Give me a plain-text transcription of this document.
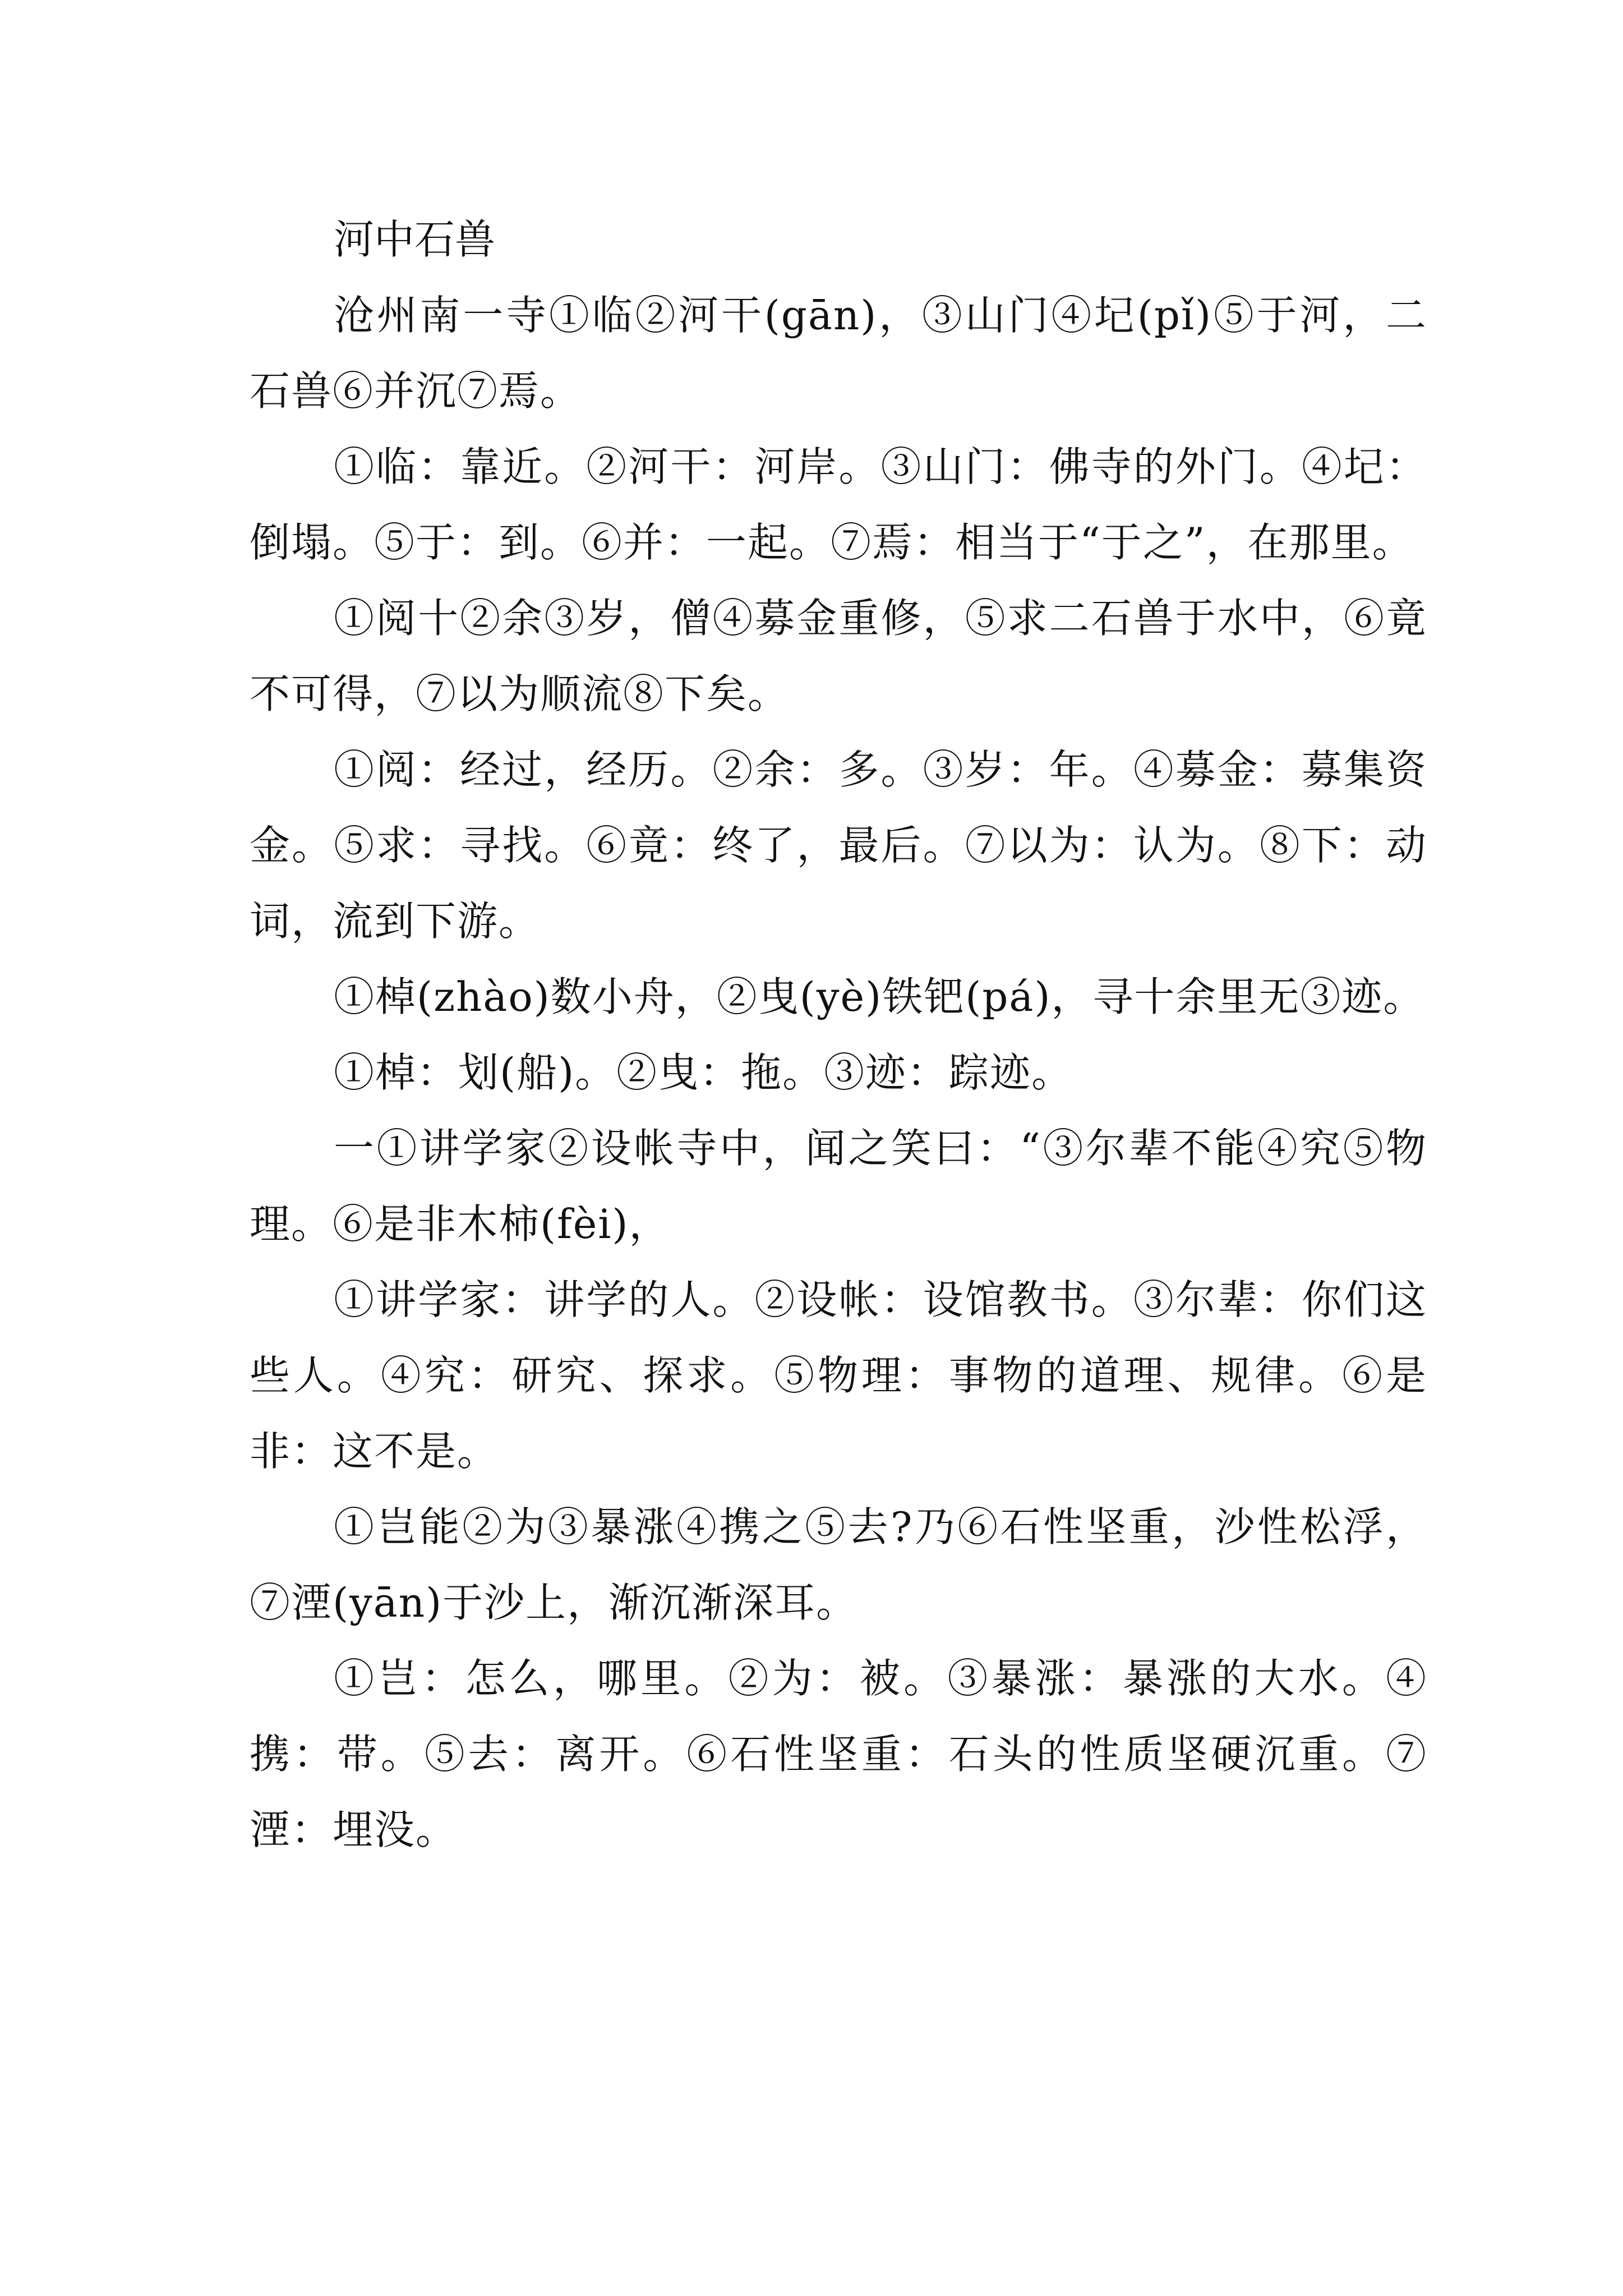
河中石兽

沧州南一寺①临②河干(gān)，③山门④圮(pǐ)⑤于河，二石兽⑥并沉⑦焉。

①临：靠近。②河干：河岸。③山门：佛寺的外门。④圮：倒塌。⑤于：到。⑥并：一起。⑦焉：相当于“于之”，在那里。

①阅十②余③岁，僧④募金重修，⑤求二石兽于水中，⑥竟不可得，⑦以为顺流⑧下矣。

①阅：经过，经历。②余：多。③岁：年。④募金：募集资金。⑤求：寻找。⑥竟：终了，最后。⑦以为：认为。⑧下：动词，流到下游。

①棹(zhào)数小舟，②曳(yè)铁钯(pá)，寻十余里无③迹。

①棹：划(船)。②曳：拖。③迹：踪迹。

一①讲学家②设帐寺中，闻之笑曰：“③尔辈不能④究⑤物理。⑥是非木柿(fèi)，

①讲学家：讲学的人。②设帐：设馆教书。③尔辈：你们这些人。④究：研究、探求。⑤物理：事物的道理、规律。⑥是非：这不是。

①岂能②为③暴涨④携之⑤去?乃⑥石性坚重，沙性松浮，⑦湮(yān)于沙上，渐沉渐深耳。

①岂：怎么，哪里。②为：被。③暴涨：暴涨的大水。④携：带。⑤去：离开。⑥石性坚重：石头的性质坚硬沉重。⑦湮：埋没。
